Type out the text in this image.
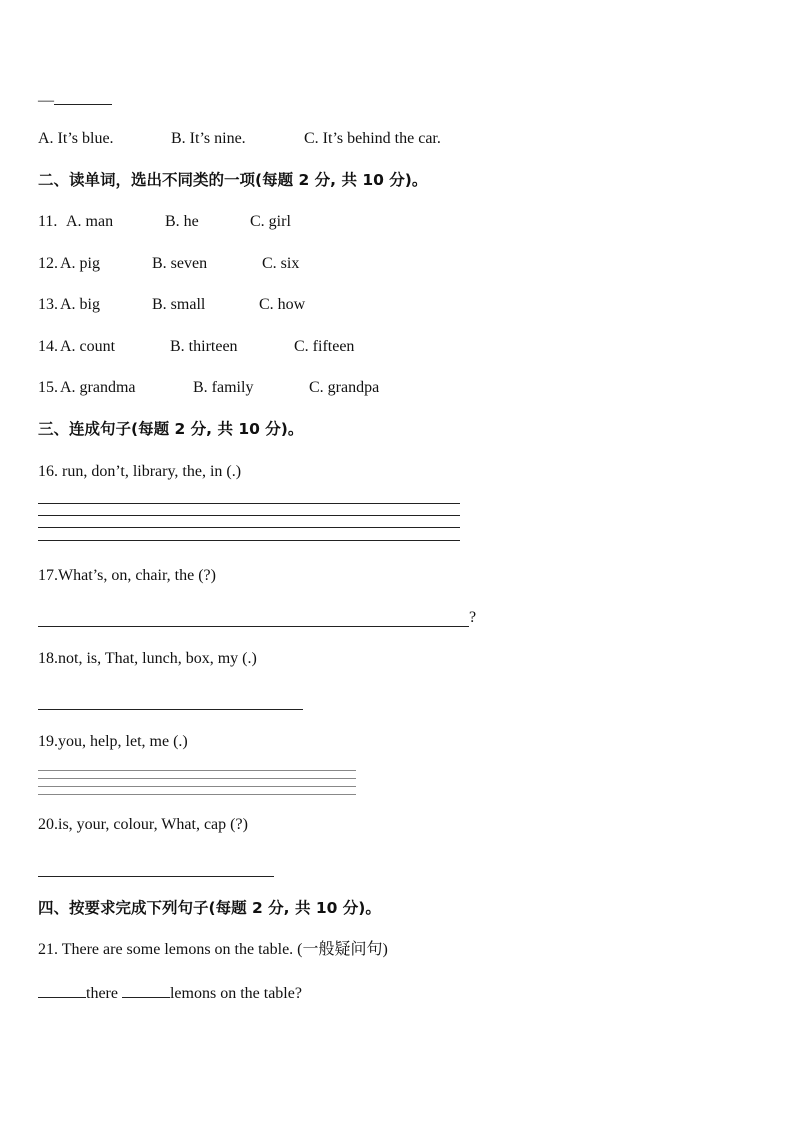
—
A. It’s blue.	B. It’s nine.	C. It’s behind the car.
二、读单词，选出不同类的一项(每题 2 分, 共 10 分)。
11. A. man	B. he	C. girl
12. A. pig	B. seven	C. six
13. A. big	B. small	C. how
14. A. count	B. thirteen	C. fifteen
15. A. grandma	B. family	C. grandpa
三、连成句子(每题 2 分, 共 10 分)。
16. run, don’t, library, the, in (.)
17.What’s, on, chair, the (?)
?
18.not, is, That, lunch, box, my (.)
19.you, help, let, me (.)
20.is, your, colour, What, cap (?)
四、按要求完成下列句子(每题 2 分, 共 10 分)。
21. There are some lemons on the table. (一般疑问句)
there	lemons on the table?
